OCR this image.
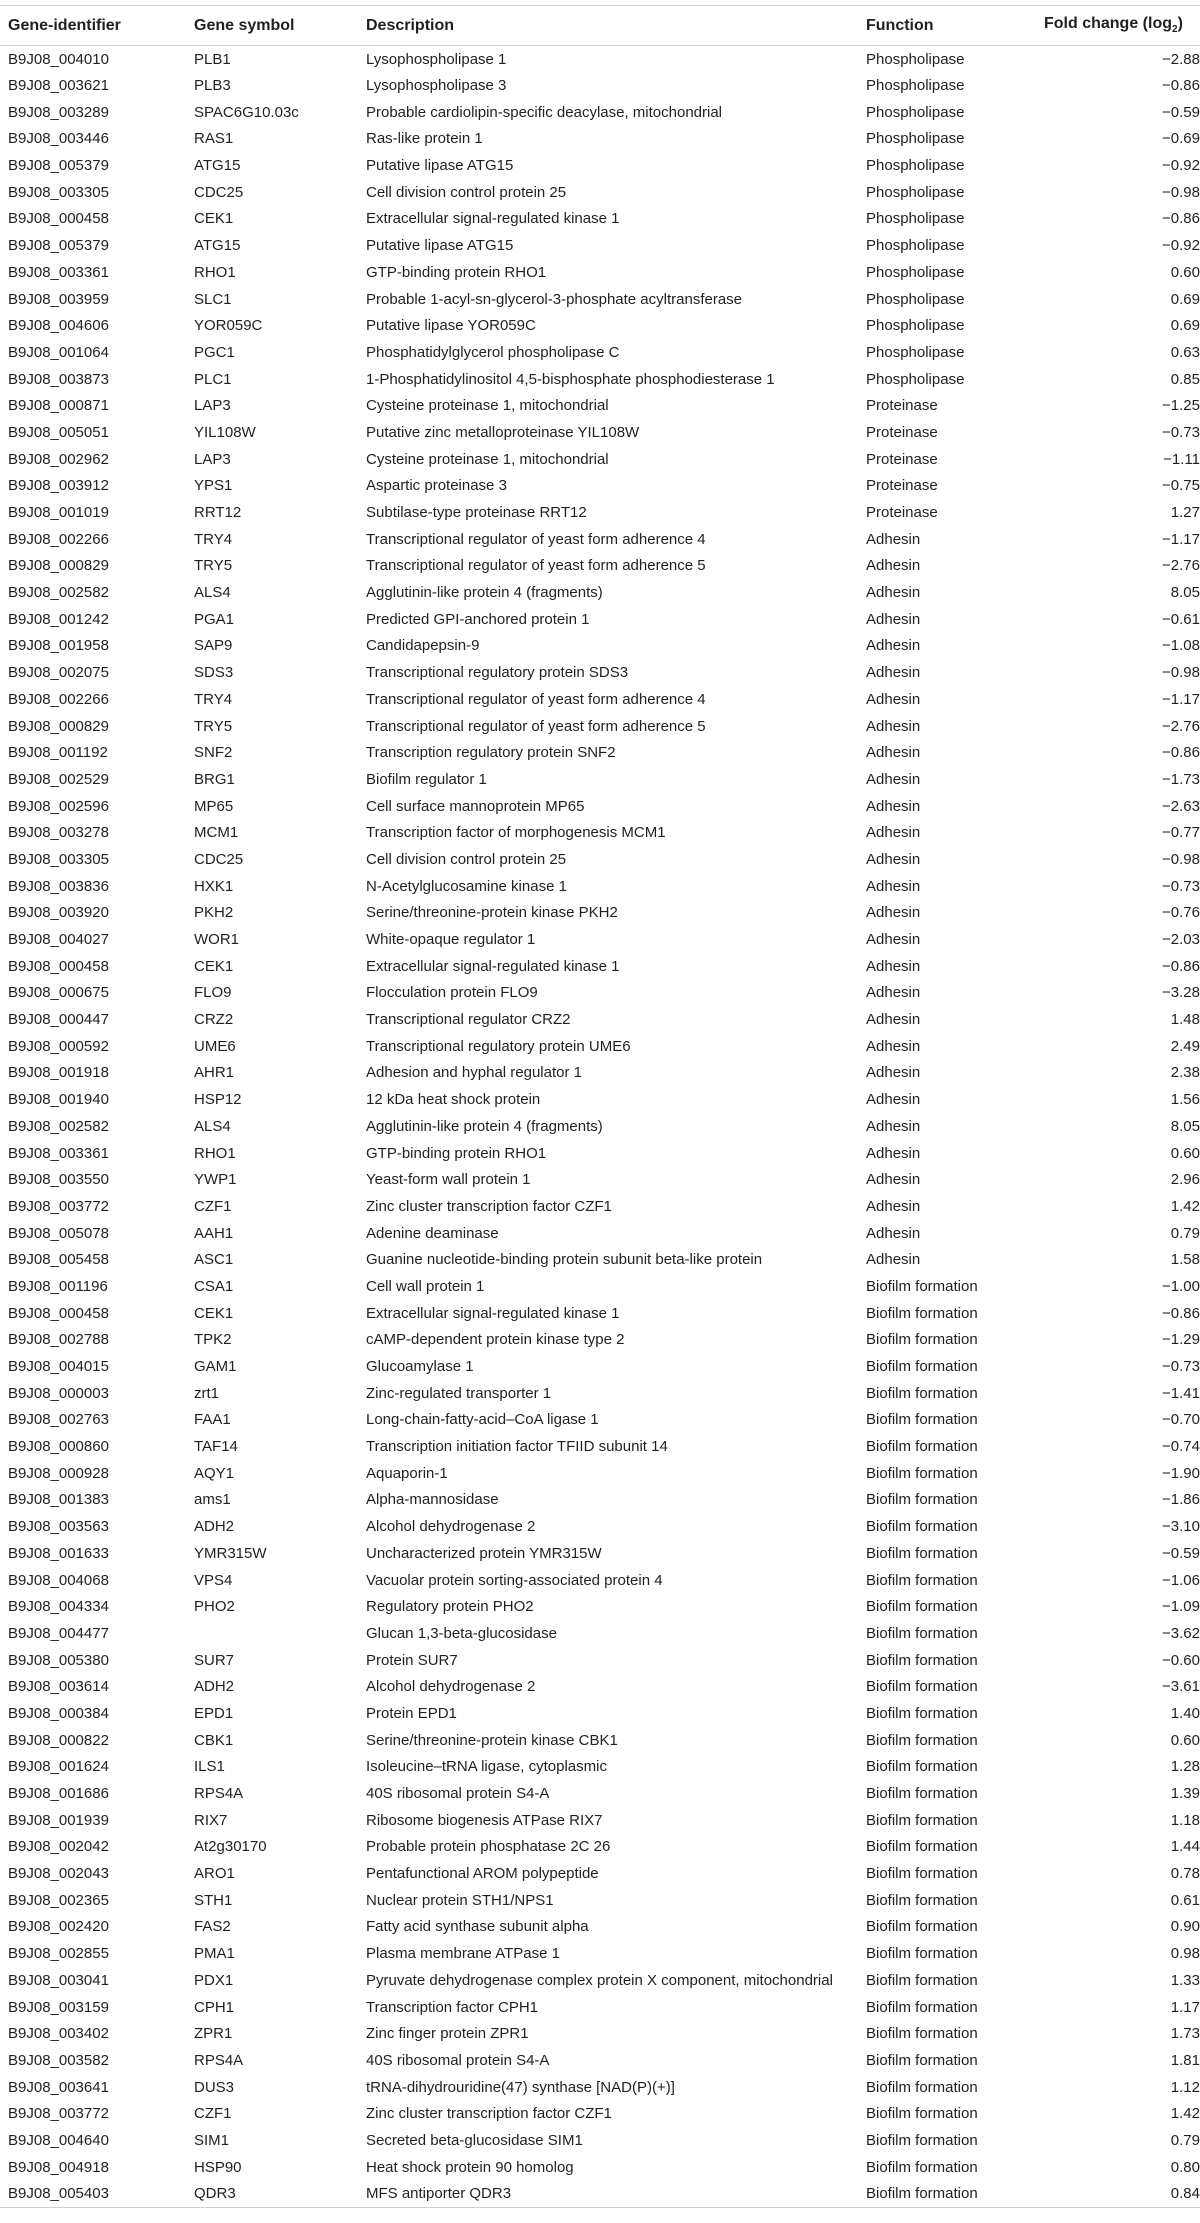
Gene-identifier	Gene symbol	Description	Function	Fold change $(\log_2)$
B9J08_004010	PLB1	Lysophospholipase 1	Phospholipase	−2.88
B9J08_003621	PLB3	Lysophospholipase 3	Phospholipase	−0.86
B9J08_003289	SPAC6G10.03c	Probable cardiolipin-specific deacylase, mitochondrial	Phospholipase	−0.59
B9J08_003446	RAS1	Ras-like protein 1	Phospholipase	−0.69
B9J08_005379	ATG15	Putative lipase ATG15	Phospholipase	−0.92
B9J08_003305	CDC25	Cell division control protein 25	Phospholipase	−0.98
B9J08_000458	CEK1	Extracellular signal-regulated kinase 1	Phospholipase	−0.86
B9J08_005379	ATG15	Putative lipase ATG15	Phospholipase	−0.92
B9J08_003361	RHO1	GTP-binding protein RHO1	Phospholipase	0.60
B9J08_003959	SLC1	Probable 1-acyl-sn-glycerol-3-phosphate acyltransferase	Phospholipase	0.69
B9J08_004606	YOR059C	Putative lipase YOR059C	Phospholipase	0.69
B9J08_001064	PGC1	Phosphatidylglycerol phospholipase C	Phospholipase	0.63
B9J08_003873	PLC1	1-Phosphatidylinositol 4,5-bisphosphate phosphodiesterase 1	Phospholipase	0.85
B9J08_000871	LAP3	Cysteine proteinase 1, mitochondrial	Proteinase	−1.25
B9J08_005051	YIL108W	Putative zinc metalloproteinase YIL108W	Proteinase	−0.73
B9J08_002962	LAP3	Cysteine proteinase 1, mitochondrial	Proteinase	−1.11
B9J08_003912	YPS1	Aspartic proteinase 3	Proteinase	−0.75
B9J08_001019	RRT12	Subtilase-type proteinase RRT12	Proteinase	1.27
B9J08_002266	TRY4	Transcriptional regulator of yeast form adherence 4	Adhesin	−1.17
B9J08_000829	TRY5	Transcriptional regulator of yeast form adherence 5	Adhesin	−2.76
B9J08_002582	ALS4	Agglutinin-like protein 4 (fragments)	Adhesin	8.05
B9J08_001242	PGA1	Predicted GPI-anchored protein 1	Adhesin	−0.61
B9J08_001958	SAP9	Candidapepsin-9	Adhesin	−1.08
B9J08_002075	SDS3	Transcriptional regulatory protein SDS3	Adhesin	−0.98
B9J08_002266	TRY4	Transcriptional regulator of yeast form adherence 4	Adhesin	−1.17
B9J08_000829	TRY5	Transcriptional regulator of yeast form adherence 5	Adhesin	−2.76
B9J08_001192	SNF2	Transcription regulatory protein SNF2	Adhesin	−0.86
B9J08_002529	BRG1	Biofilm regulator 1	Adhesin	−1.73
B9J08_002596	MP65	Cell surface mannoprotein MP65	Adhesin	−2.63
B9J08_003278	MCM1	Transcription factor of morphogenesis MCM1	Adhesin	−0.77
B9J08_003305	CDC25	Cell division control protein 25	Adhesin	−0.98
B9J08_003836	HXK1	N-Acetylglucosamine kinase 1	Adhesin	−0.73
B9J08_003920	PKH2	Serine/threonine-protein kinase PKH2	Adhesin	−0.76
B9J08_004027	WOR1	White-opaque regulator 1	Adhesin	−2.03
B9J08_000458	CEK1	Extracellular signal-regulated kinase 1	Adhesin	−0.86
B9J08_000675	FLO9	Flocculation protein FLO9	Adhesin	−3.28
B9J08_000447	CRZ2	Transcriptional regulator CRZ2	Adhesin	1.48
B9J08_000592	UME6	Transcriptional regulatory protein UME6	Adhesin	2.49
B9J08_001918	AHR1	Adhesion and hyphal regulator 1	Adhesin	2.38
B9J08_001940	HSP12	12 kDa heat shock protein	Adhesin	1.56
B9J08_002582	ALS4	Agglutinin-like protein 4 (fragments)	Adhesin	8.05
B9J08_003361	RHO1	GTP-binding protein RHO1	Adhesin	0.60
B9J08_003550	YWP1	Yeast-form wall protein 1	Adhesin	2.96
B9J08_003772	CZF1	Zinc cluster transcription factor CZF1	Adhesin	1.42
B9J08_005078	AAH1	Adenine deaminase	Adhesin	0.79
B9J08_005458	ASC1	Guanine nucleotide-binding protein subunit beta-like protein	Adhesin	1.58
B9J08_001196	CSA1	Cell wall protein 1	Biofilm formation	−1.00
B9J08_000458	CEK1	Extracellular signal-regulated kinase 1	Biofilm formation	−0.86
B9J08_002788	TPK2	cAMP-dependent protein kinase type 2	Biofilm formation	−1.29
B9J08_004015	GAM1	Glucoamylase 1	Biofilm formation	−0.73
B9J08_000003	zrt1	Zinc-regulated transporter 1	Biofilm formation	−1.41
B9J08_002763	FAA1	Long-chain-fatty-acid–CoA ligase 1	Biofilm formation	−0.70
B9J08_000860	TAF14	Transcription initiation factor TFIID subunit 14	Biofilm formation	−0.74
B9J08_000928	AQY1	Aquaporin-1	Biofilm formation	−1.90
B9J08_001383	ams1	Alpha-mannosidase	Biofilm formation	−1.86
B9J08_003563	ADH2	Alcohol dehydrogenase 2	Biofilm formation	−3.10
B9J08_001633	YMR315W	Uncharacterized protein YMR315W	Biofilm formation	−0.59
B9J08_004068	VPS4	Vacuolar protein sorting-associated protein 4	Biofilm formation	−1.06
B9J08_004334	PHO2	Regulatory protein PHO2	Biofilm formation	−1.09
B9J08_004477		Glucan 1,3-beta-glucosidase	Biofilm formation	−3.62
B9J08_005380	SUR7	Protein SUR7	Biofilm formation	−0.60
B9J08_003614	ADH2	Alcohol dehydrogenase 2	Biofilm formation	−3.61
B9J08_000384	EPD1	Protein EPD1	Biofilm formation	1.40
B9J08_000822	CBK1	Serine/threonine-protein kinase CBK1	Biofilm formation	0.60
B9J08_001624	ILS1	Isoleucine–tRNA ligase, cytoplasmic	Biofilm formation	1.28
B9J08_001686	RPS4A	40S ribosomal protein S4-A	Biofilm formation	1.39
B9J08_001939	RIX7	Ribosome biogenesis ATPase RIX7	Biofilm formation	1.18
B9J08_002042	At2g30170	Probable protein phosphatase 2C 26	Biofilm formation	1.44
B9J08_002043	ARO1	Pentafunctional AROM polypeptide	Biofilm formation	0.78
B9J08_002365	STH1	Nuclear protein STH1/NPS1	Biofilm formation	0.61
B9J08_002420	FAS2	Fatty acid synthase subunit alpha	Biofilm formation	0.90
B9J08_002855	PMA1	Plasma membrane ATPase 1	Biofilm formation	0.98
B9J08_003041	PDX1	Pyruvate dehydrogenase complex protein X component, mitochondrial	Biofilm formation	1.33
B9J08_003159	CPH1	Transcription factor CPH1	Biofilm formation	1.17
B9J08_003402	ZPR1	Zinc finger protein ZPR1	Biofilm formation	1.73
B9J08_003582	RPS4A	40S ribosomal protein S4-A	Biofilm formation	1.81
B9J08_003641	DUS3	tRNA-dihydrouridine(47) synthase [NAD(P)(+)]	Biofilm formation	1.12
B9J08_003772	CZF1	Zinc cluster transcription factor CZF1	Biofilm formation	1.42
B9J08_004640	SIM1	Secreted beta-glucosidase SIM1	Biofilm formation	0.79
B9J08_004918	HSP90	Heat shock protein 90 homolog	Biofilm formation	0.80
B9J08_005403	QDR3	MFS antiporter QDR3	Biofilm formation	0.84
